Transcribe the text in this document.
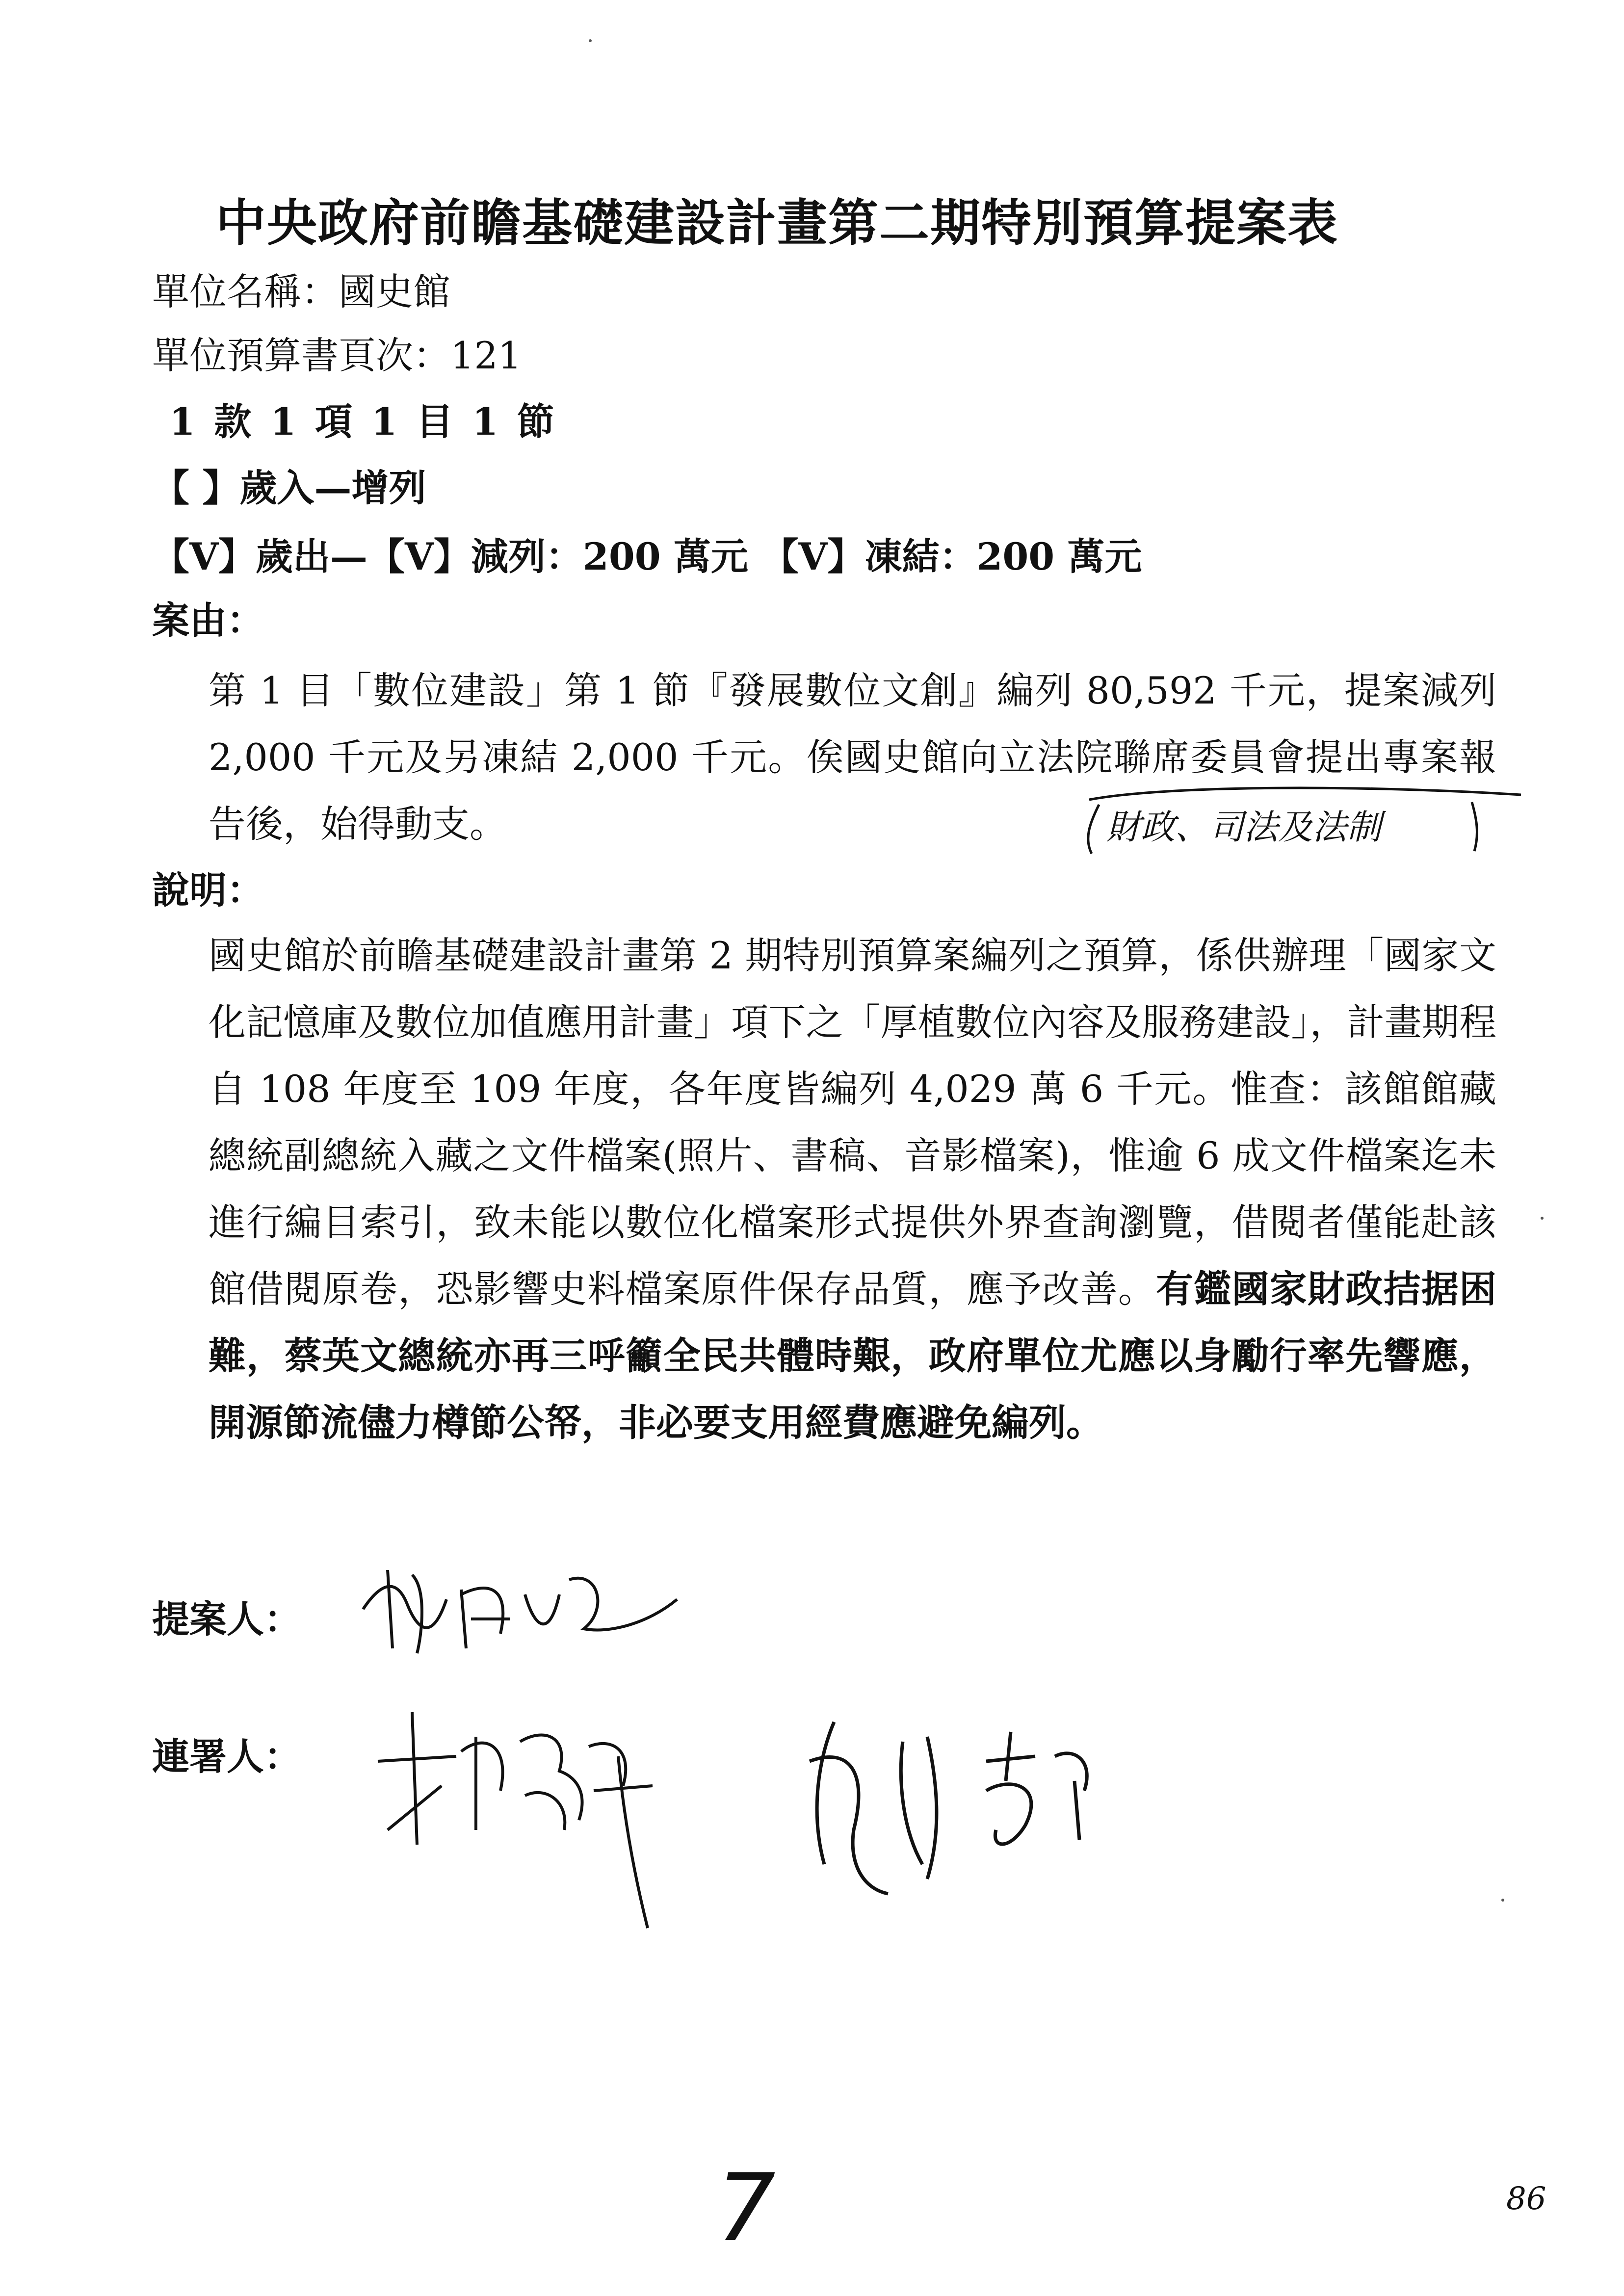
中央政府前瞻基礎建設計畫第二期特別預算提案表
單位名稱：國史館
單位預算書頁次：121
1 款 1 項 1 目 1 節
【 】歲入—增列
【V】歲出—【V】減列：200 萬元 【V】凍結：200 萬元
案由：

第 1 目「數位建設」第 1 節『發展數位文創』編列 80,592 千元，提案減列 2,000 千元及另凍結 2,000 千元。俟國史館向立法院聯席委員會提出專案報告後，始得動支。	財政、司法及法制
說明：

國史館於前瞻基礎建設計畫第 2 期特別預算案編列之預算，係供辦理「國家文化記憶庫及數位加值應用計畫」項下之「厚植數位內容及服務建設」，計畫期程自 108 年度至 109 年度，各年度皆編列 4,029 萬 6 千元。惟查：該館館藏總統副總統入藏之文件檔案(照片、書稿、音影檔案)，惟逾 6 成文件檔案迄未進行編目索引，致未能以數位化檔案形式提供外界查詢瀏覽，借閱者僅能赴該館借閱原卷，恐影響史料檔案原件保存品質，應予改善。有鑑國家財政拮据困難，蔡英文總統亦再三呼籲全民共體時艱，政府單位尤應以身勵行率先響應，開源節流儘力樽節公帑，非必要支用經費應避免編列。

提案人：
連署人：
7	86
